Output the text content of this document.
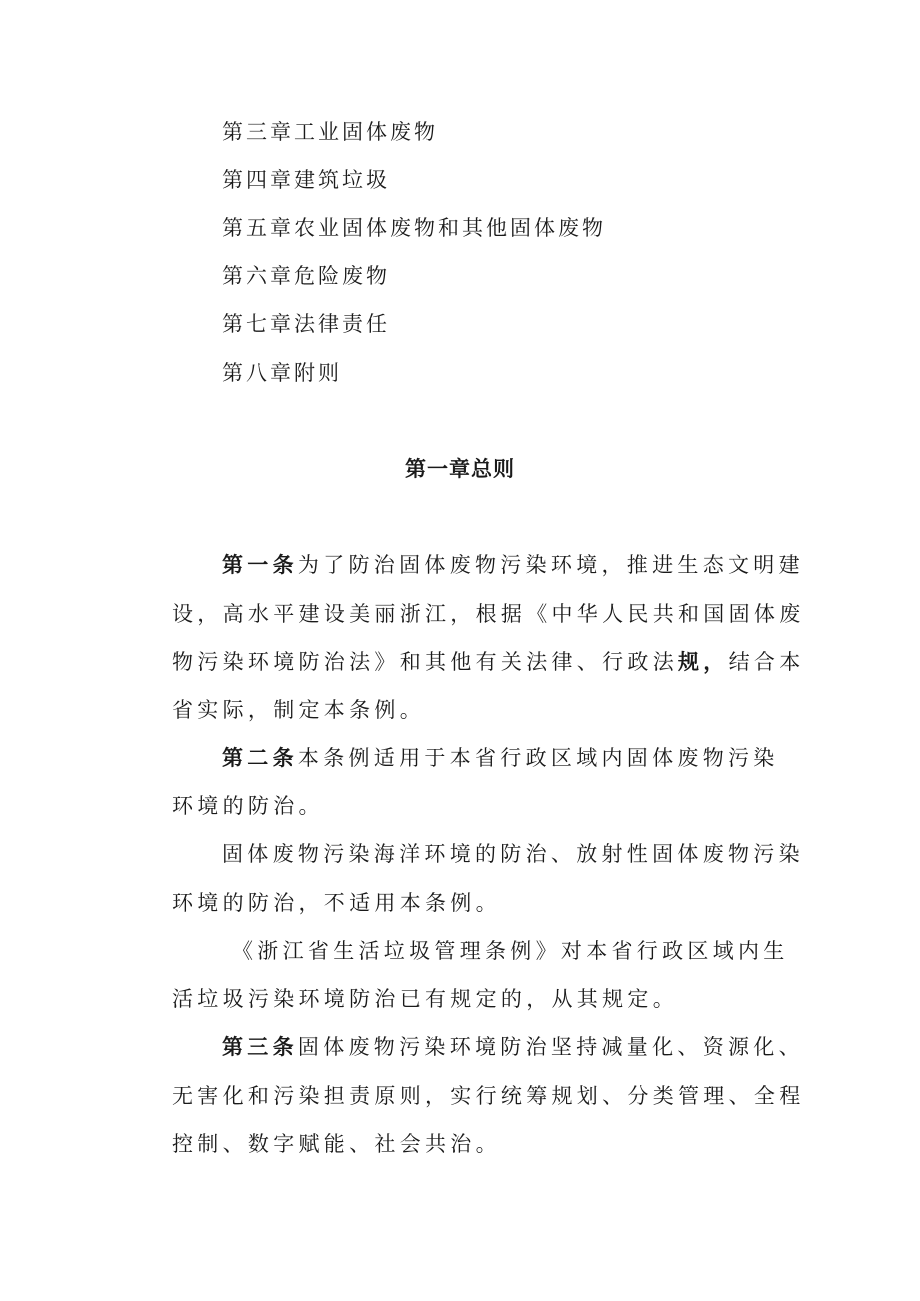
第三章工业固体废物
第四章建筑垃圾
第五章农业固体废物和其他固体废物
第六章危险废物
第七章法律责任
第八章附则
第一章总则
第一条为了防治固体废物污染环境，推进生态文明建
设，高水平建设美丽浙江，根据《中华人民共和国固体废
物污染环境防治法》和其他有关法律、行政法规，结合本
省实际，制定本条例。
第二条本条例适用于本省行政区域内固体废物污染
环境的防治。
固体废物污染海洋环境的防治、放射性固体废物污染
环境的防治，不适用本条例。
《浙江省生活垃圾管理条例》对本省行政区域内生
活垃圾污染环境防治已有规定的，从其规定。
第三条固体废物污染环境防治坚持减量化、资源化、
无害化和污染担责原则，实行统筹规划、分类管理、全程
控制、数字赋能、社会共治。
